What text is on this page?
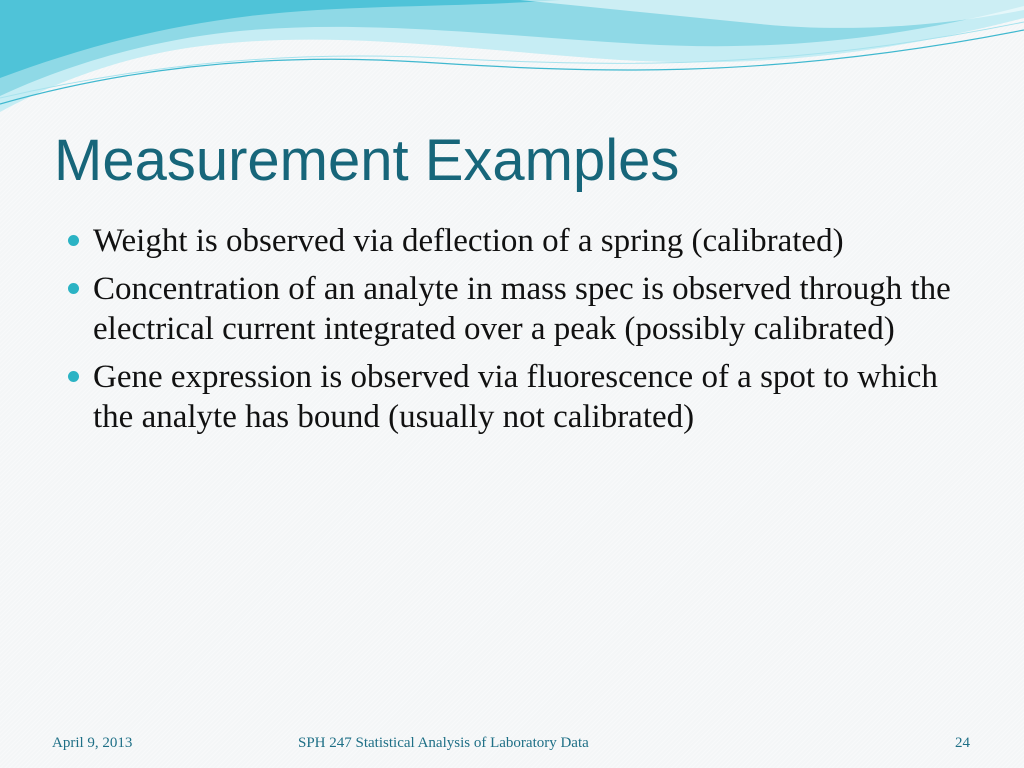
Measurement Examples
Weight is observed via deflection of a spring (calibrated)
Concentration of an analyte in mass spec is observed through the electrical current integrated over a peak (possibly calibrated)
Gene expression is observed via fluorescence of a spot to which the analyte has bound (usually not calibrated)
April 9, 2013	SPH 247 Statistical Analysis of Laboratory Data	24
